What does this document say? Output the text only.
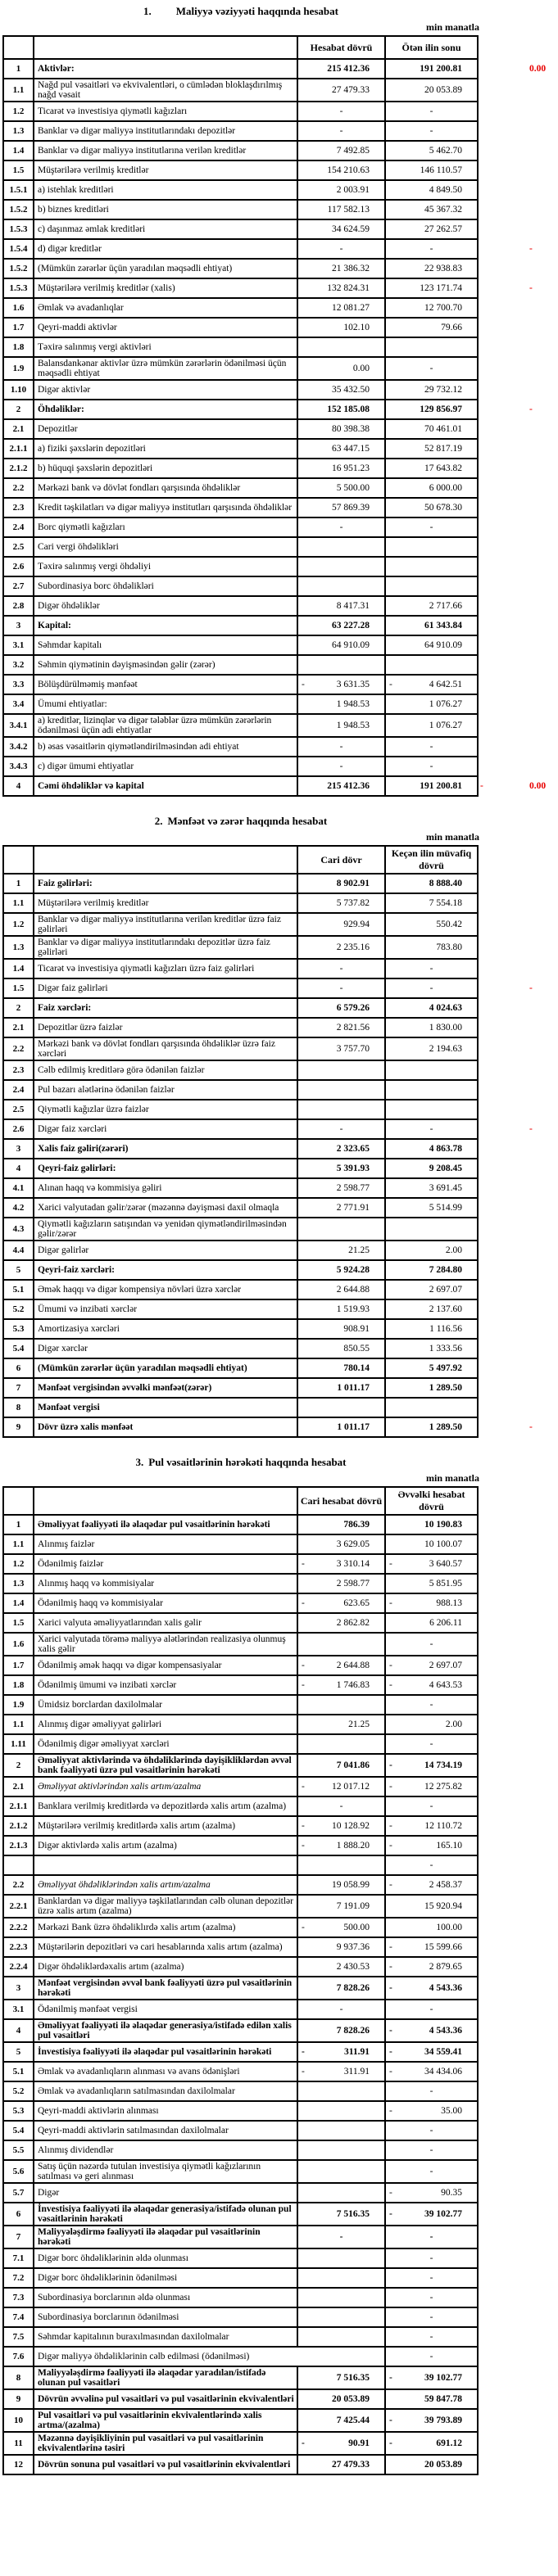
1. Maliyyə vəziyyəti haqqında hesabat
min manatla
		Hesabat dövrü	Ötən ilin sonu	
1	Aktivlər:	215 412.36	191 200.81	0.00

1.1	Nağd pul vəsaitləri və ekvivalentləri, o cümlədən bloklaşdırılmış nağd vəsait	27 479.33	20 053.89	
1.2	Ticarət və investisiya qiymətli kağızları	-	-	
1.3	Banklar və digər maliyyə institutlarındakı depozitlər	-	-	
1.4	Banklar və digər maliyyə institutlarına verilən kreditlər	7 492.85	5 462.70	
1.5	Müştərilərə verilmiş kreditlər	154 210.63	146 110.57	
1.5.1	a) istehlak kreditləri	2 003.91	4 849.50	
1.5.2	b) biznes kreditləri	117 582.13	45 367.32	
1.5.3	c) daşınmaz əmlak kreditləri	34 624.59	27 262.57	
1.5.4	d) digər kreditlər	-	-	-

1.5.2	(Mümkün zərərlər üçün yaradılan məqsədli ehtiyat)	21 386.32	22 938.83	
1.5.3	Müştərilərə verilmiş kreditlər (xalis)	132 824.31	123 171.74	-

1.6	Əmlak və avadanlıqlar	12 081.27	12 700.70	
1.7	Qeyri-maddi aktivlər	102.10	79.66	
1.8	Təxirə salınmış vergi aktivləri			
1.9	Balansdankənar aktivlər üzrə mümkün zərərlərin ödənilməsi üçün məqsədli ehtiyat	0.00	-	
1.10	Digər aktivlər	35 432.50	29 732.12	
2	Öhdəliklər:	152 185.08	129 856.97	-

2.1	Depozitlər	80 398.38	70 461.01	
2.1.1	a) fiziki şəxslərin depozitləri	63 447.15	52 817.19	
2.1.2	b) hüquqi şəxslərin depozitləri	16 951.23	17 643.82	
2.2	Mərkəzi bank və dövlət fondları qarşısında öhdəliklər	5 500.00	6 000.00	
2.3	Kredit təşkilatları və digər maliyyə institutları qarşısında öhdəliklər	57 869.39	50 678.30	
2.4	Borc qiymətli kağızları	-	-	
2.5	Cari vergi öhdəlikləri			
2.6	Təxirə salınmış vergi öhdəliyi			
2.7	Subordinasiya borc öhdəlikləri			
2.8	Digər öhdəliklər	8 417.31	2 717.66	
3	Kapital:	63 227.28	61 343.84	
3.1	Səhmdar kapitalı	64 910.09	64 910.09	
3.2	Səhmin qiymətinin dəyişməsindən gəlir (zərər)			
3.3	Bölüşdürülməmiş mənfəət	- 3 631.35	- 4 642.51	

3.4	Ümumi ehtiyatlar:	1 948.53	1 076.27	
3.4.1	a) kreditlər, lizinqlər və digər tələblər üzrə mümkün zərərlərin ödənilməsi üçün adi ehtiyatlar	1 948.53	1 076.27	
3.4.2	b) əsas vəsaitlərin qiymətləndirilməsindən adi ehtiyat	-	-	
3.4.3	c) digər ümumi ehtiyatlar	-	-	
4	Cəmi öhdəliklər və kapital	215 412.36	191 200.81	- 0.00
2. Mənfəət və zərər haqqında hesabat
min manatla
		Cari dövr	Keçən ilin müvafiq dövrü	
1	Faiz gəlirləri:	8 902.91	8 888.40	
1.1	Müştərilərə verilmiş kreditlər	5 737.82	7 554.18	
1.2	Banklar və digər maliyyə institutlarına verilən kreditlər üzrə faiz gəlirləri	929.94	550.42	
1.3	Banklar və digər maliyyə institutlarındakı depozitlər üzrə faiz gəlirləri	2 235.16	783.80	
1.4	Ticarət və investisiya qiymətli kağızları üzrə faiz gəlirləri	-	-	
1.5	Digər faiz gəlirləri	-	-	-

2	Faiz xərcləri:	6 579.26	4 024.63	
2.1	Depozitlər üzrə faizlər	2 821.56	1 830.00	
2.2	Mərkəzi bank və dövlət fondları qarşısında öhdəliklər üzrə faiz xərcləri	3 757.70	2 194.63	
2.3	Cəlb edilmiş kreditlərə görə ödənilən faizlər			
2.4	Pul bazarı alətlərinə ödənilən faizlər			
2.5	Qiymətli kağızlar üzrə faizlər			
2.6	Digər faiz xərcləri	-	-	-

3	Xalis faiz gəliri(zərəri)	2 323.65	4 863.78	
4	Qeyri-faiz gəlirləri:	5 391.93	9 208.45	
4.1	Alınan haqq və kommisiya gəliri	2 598.77	3 691.45	
4.2	Xarici valyutadan gəlir/zərər (məzənnə dəyişməsi daxil olmaqla	2 771.91	5 514.99	
4.3	Qiymətli kağızların satışından və yenidən qiymətləndirilməsindən gəlir/zərər			
4.4	Digər gəlirlər	21.25	2.00	
5	Qeyri-faiz xərcləri:	5 924.28	7 284.80	
5.1	Əmək haqqı və digər kompensiya növləri üzrə xərclər	2 644.88	2 697.07	
5.2	Ümumi və inzibati xərclər	1 519.93	2 137.60	
5.3	Amortizasiya xərcləri	908.91	1 116.56	
5.4	Digər xərclər	850.55	1 333.56	
6	(Mümkün zərərlər üçün yaradılan məqsədli ehtiyat)	780.14	5 497.92	
7	Mənfəət vergisindən əvvəlki mənfəət(zərər)	1 011.17	1 289.50	
8	Mənfəət vergisi			
9	Dövr üzrə xalis mənfəət	1 011.17	1 289.50	-
3. Pul vəsaitlərinin hərəkəti haqqında hesabat
min manatla
		Cari hesabat dövrü	Əvvəlki hesabat dövrü	
1	Əməliyyat fəaliyyəti ilə əlaqədar pul vəsaitlərinin hərəkəti	786.39	10 190.83	
1.1	Alınmış faizlər	3 629.05	10 100.07	
1.2	Ödənilmiş faizlər	- 3 310.14	- 3 640.57	

1.3	Alınmış haqq və kommisiyalar	2 598.77	5 851.95	
1.4	Ödənilmiş haqq və kommisiyalar	- 623.65	- 988.13	

1.5	Xarici valyuta əməliyyatlarından xalis gəlir	2 862.82	6 206.11	
1.6	Xarici valyutada törəmə maliyyə alətlərindən realizasiya olunmuş xalis gəlir		-	
1.7	Ödənilmiş əmək haqqı və digər kompensasiyalar	- 2 644.88	- 2 697.07	

1.8	Ödənilmiş ümumi və inzibati xərclər	- 1 746.83	- 4 643.53	

1.9	Ümidsiz borclardan daxilolmalar		-	
1.1	Alınmış digər əməliyyat gəlirləri	21.25	2.00	
1.11	Ödənilmiş digər əməliyyat xərcləri		-	
2	Əməliyyat aktivlərində və öhdəliklərində dəyişikliklərdən əvvəl bank fəaliyyəti üzrə pul vəsaitlərinin hərəkəti	7 041.86	- 14 734.19	

2.1	Əməliyyat aktivlərindən xalis artım/azalma	- 12 017.12	- 12 275.82	

2.1.1	Banklara verilmiş kreditlərdə və depozitlərdə xalis artım (azalma)	-	-	
2.1.2	Müştərilərə verilmiş kreditlərdə xalis artım (azalma)	- 10 128.92	- 12 110.72	

2.1.3	Digər aktivlərdə xalis artım (azalma)	- 1 888.20	- 165.10	

			-	
2.2	Əməliyyat öhdəliklərindən xalis artım/azalma	19 058.99	- 2 458.37	

2.2.1	Banklardan və digər maliyyə təşkilatlarından cəlb olunan depozitlər üzrə xalis artım (azalma)	7 191.09	15 920.94	
2.2.2	Mərkəzi Bank üzrə öhdəliklırdə xalis artım (azalma)	- 500.00	100.00	
2.2.3	Müştərilərin depozitləri və cari hesablarında xalis artım (azalma)	9 937.36	- 15 599.66	

2.2.4	Digər öhdəliklərdəxalis artım (azalma)	2 430.53	- 2 879.65	

3	Mənfəət vergisindən əvvəl bank fəaliyyəti üzrə pul vəsaitlərinin hərəkəti	7 828.26	- 4 543.36	

3.1	Ödənilmiş mənfəət vergisi	-	-	
4	Əməliyyat fəaliyyəti ilə əlaqədar generasiya/istifadə edilən xalis pul vəsaitləri	7 828.26	- 4 543.36	

5	İnvestisiya fəaliyyəti ilə əlaqədar pul vəsaitlərinin hərəkəti	- 311.91	- 34 559.41	

5.1	Əmlak və avadanlıqların alınması və avans ödənişləri	- 311.91	- 34 434.06	

5.2	Əmlak və avadanlıqların satılmasından daxilolmalar		-	
5.3	Qeyri-maddi aktivlərin alınması		- 35.00	

5.4	Qeyri-maddi aktivlərin satılmasından daxilolmalar		-	
5.5	Alınmış dividendlər		-	
5.6	Satış üçün nəzərdə tutulan investisiya qiymətli kağızlarının satılması və geri alınması		-	
5.7	Digər		- 90.35	

6	İnvestisiya fəaliyyəti ilə əlaqədar generasiya/istifadə olunan pul vəsaitlərinin hərəkəti	7 516.35	- 39 102.77	

7	Maliyyələşdirmə fəaliyyəti ilə əlaqədar pul vəsaitlərinin hərəkəti	-	-	
7.1	Digər borc öhdəliklərinin əldə olunması		-	
7.2	Digər borc öhdəliklərinin ödənilməsi		-	
7.3	Subordinasiya borclarının əldə olunması		-	
7.4	Subordinasiya borclarının ödənilməsi		-	
7.5	Səhmdar kapitalının buraxılmasından daxilolmalar		-	
7.6	Digər maliyyə öhdəliklərinin cəlb edilməsi (ödənilməsi)		-	
8	Maliyyələşdirmə fəaliyyəti ilə əlaqədar yaradılan/istifadə olunan pul vəsaitləri	7 516.35	- 39 102.77	

9	Dövrün əvvəlinə pul vəsaitləri və pul vəsaitlərinin ekvivalentləri	20 053.89	59 847.78	
10	Pul vəsaitləri və pul vəsaitlərinin ekvivalentlərində xalis artma/(azalma)	7 425.44	- 39 793.89	

11	Məzənnə dəyişikliyinin pul vəsaitləri və pul vəsaitlərinin ekvivalentlərinə təsiri	- 90.91	- 691.12	

12	Dövrün sonuna pul vəsaitləri və pul vəsaitlərinin ekvivalentləri	27 479.33	20 053.89	
